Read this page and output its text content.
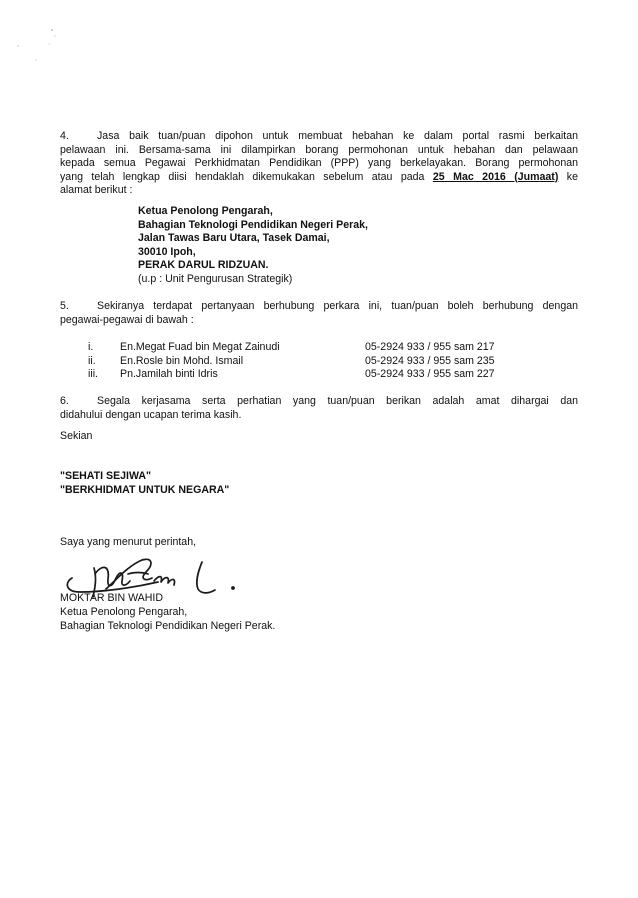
4.	Jasa baik tuan/puan dipohon untuk membuat hebahan ke dalam portal rasmi berkaitan
pelawaan ini. Bersama-sama ini dilampirkan borang permohonan untuk hebahan dan pelawaan
kepada semua Pegawai Perkhidmatan Pendidikan (PPP) yang berkelayakan. Borang permohonan
yang telah lengkap diisi hendaklah dikemukakan sebelum atau pada 25 Mac 2016 (Jumaat) ke
alamat berikut :
Ketua Penolong Pengarah,
Bahagian Teknologi Pendidikan Negeri Perak,
Jalan Tawas Baru Utara, Tasek Damai,
30010 Ipoh,
PERAK DARUL RIDZUAN.
(u.p : Unit Pengurusan Strategik)
5.	Sekiranya terdapat pertanyaan berhubung perkara ini, tuan/puan boleh berhubung dengan
pegawai-pegawai di bawah :
i.	En.Megat Fuad bin Megat Zainudi	05-2924 933 / 955 sam 217
ii. En.Rosle bin Mohd. Ismail	05-2924 933 / 955 sam 235
iii. Pn.Jamilah binti Idris	05-2924 933 / 955 sam 227
6.	Segala kerjasama serta perhatian yang tuan/puan berikan adalah amat dihargai dan
didahului dengan ucapan terima kasih.
Sekian
"SEHATI SEJIWA"
"BERKHIDMAT UNTUK NEGARA"
Saya yang menurut perintah,
MOKTAR BIN WAHID
Ketua Penolong Pengarah,
Bahagian Teknologi Pendidikan Negeri Perak.
